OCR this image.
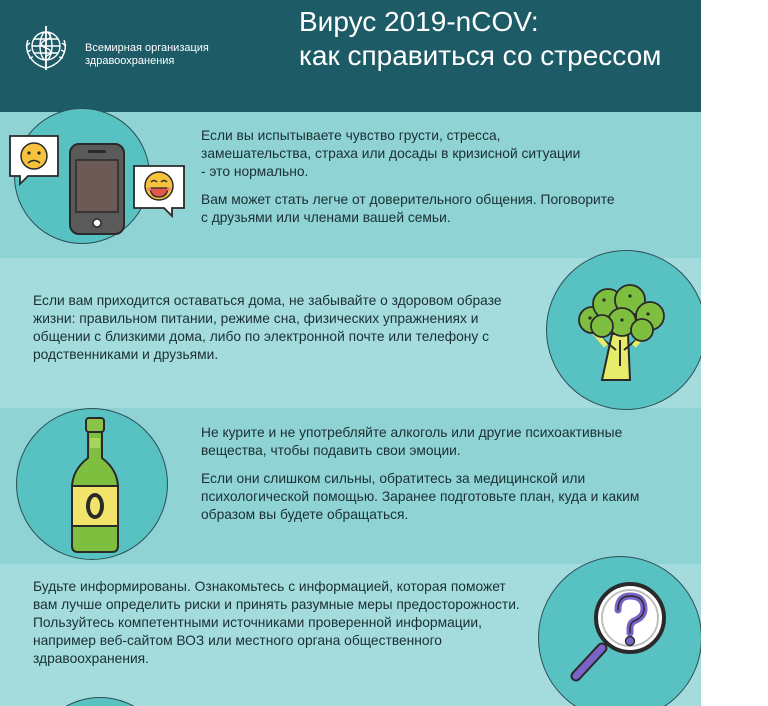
Всемирная организация
здравоохранения
Вирус 2019-nCOV:
как справиться со стрессом

Если вы испытываете чувство грусти, стресса, замешательства, страха или досады в кризисной ситуации - это нормально.

Вам может стать легче от доверительного общения. Поговорите с друзьями или членами вашей семьи.

Если вам приходится оставаться дома, не забывайте о здоровом образе жизни: правильном питании, режиме сна, физических упражнениях и общении с близкими дома, либо по электронной почте или телефону с родственниками и друзьями.

Не курите и не употребляйте алкоголь или другие психоактивные вещества, чтобы подавить свои эмоции.

Если они слишком сильны, обратитесь за медицинской или психологической помощью. Заранее подготовьте план, куда и каким образом вы будете обращаться.

Будьте информированы. Ознакомьтесь с информацией, которая поможет вам лучше определить риски и принять разумные меры предосторожности. Пользуйтесь компетентными источниками проверенной информации, например веб-сайтом ВОЗ или местного органа общественного здравоохранения.
